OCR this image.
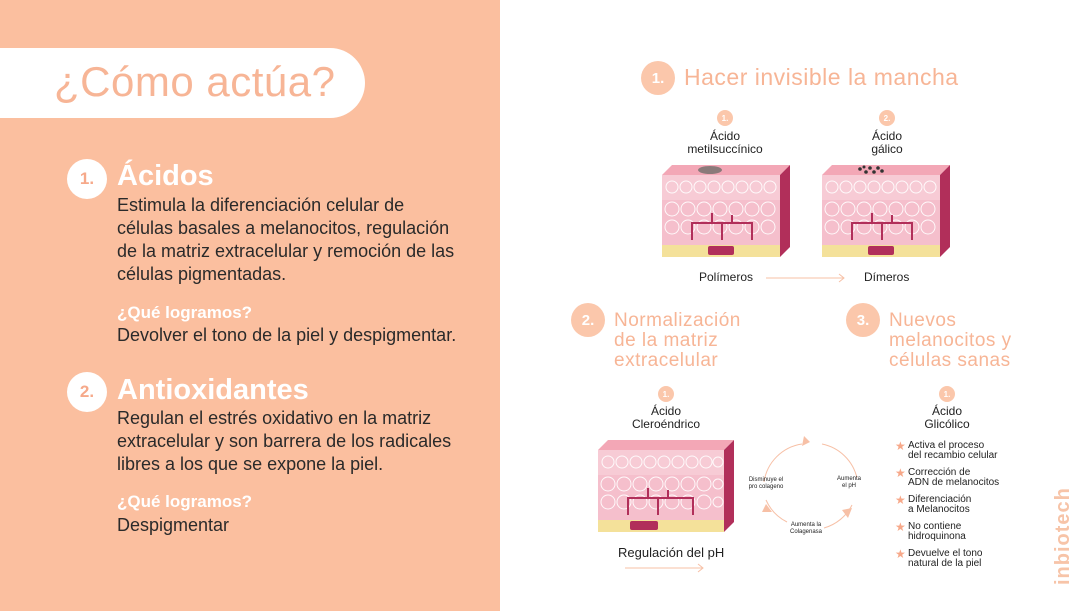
¿Cómo actúa?
1. Ácidos
Estimula la diferenciación celular de
células basales a melanocitos, regulación
de la matriz extracelular y remoción de las
células pigmentadas.
¿Qué logramos?
Devolver el tono de la piel y despigmentar.
2. Antioxidantes
Regulan el estrés oxidativo en la matriz
extracelular y son barrera de los radicales
libres a los que se expone la piel.
¿Qué logramos?
Despigmentar
1. Hacer invisible la mancha
1.
Ácido
metilsuccínico
2.
Ácido
gálico
Polímeros	Dímeros
2.	Normalización
de la matriz
extracelular
1.
Ácido
Cleroéndrico
Disminuye el
pro colageno
Aumenta
el pH
Aumenta la
Colagenasa
Regulación del pH
3.	Nuevos
melanocitos y
células sanas
1.
Ácido
Glicólico
★ Activa el proceso
del recambio celular
★ Corrección de
ADN de melanocitos
★ Diferenciación
a Melanocitos
★ No contiene
hidroquinona
★ Devuelve el tono
natural de la piel	inbiotech
